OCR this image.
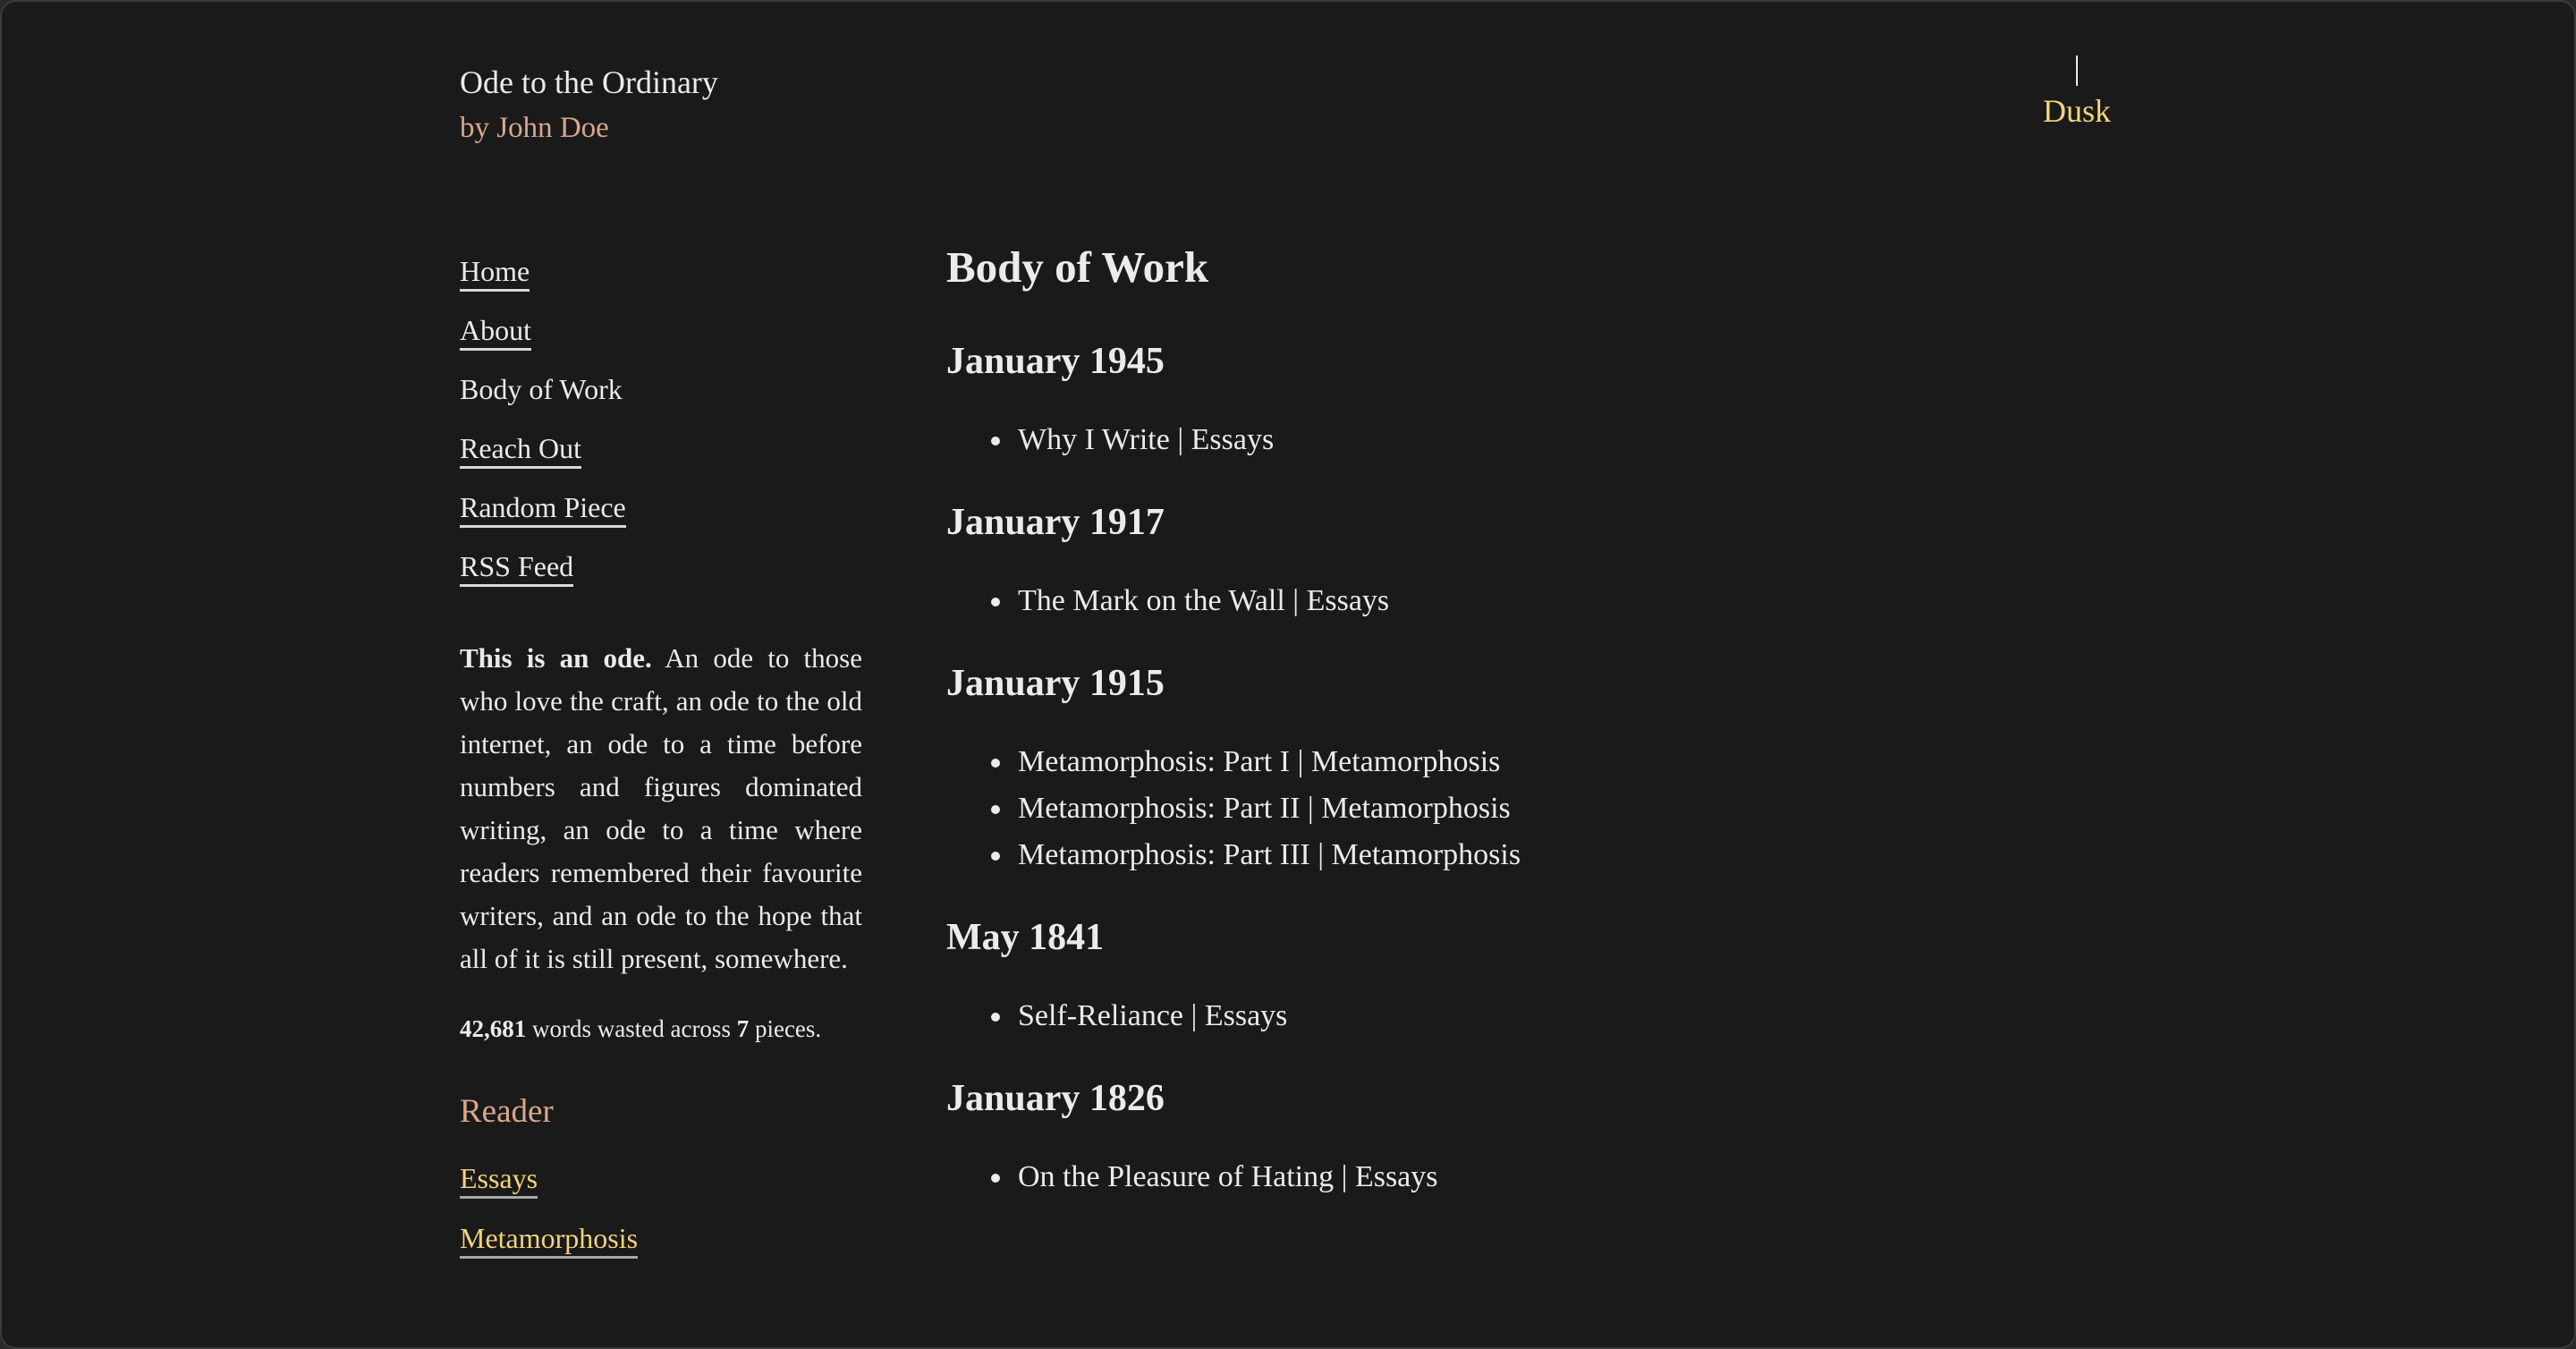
Ode to the Ordinary
by John Doe	Dusk
Home
About
Body of Work
Reach Out
Random Piece
RSS Feed

This is an ode. An ode to those who love the craft, an ode to the old internet, an ode to a time before numbers and figures dominated writing, an ode to a time where readers remembered their favourite writers, and an ode to the hope that all of it is still present, somewhere.

42,681 words wasted across 7 pieces.
Reader
Essays
Metamorphosis
Body of Work
January 1945
Why I Write | Essays
January 1917
The Mark on the Wall | Essays
January 1915
Metamorphosis: Part I | Metamorphosis
Metamorphosis: Part II | Metamorphosis
Metamorphosis: Part III | Metamorphosis
May 1841
Self-Reliance | Essays
January 1826
On the Pleasure of Hating | Essays
